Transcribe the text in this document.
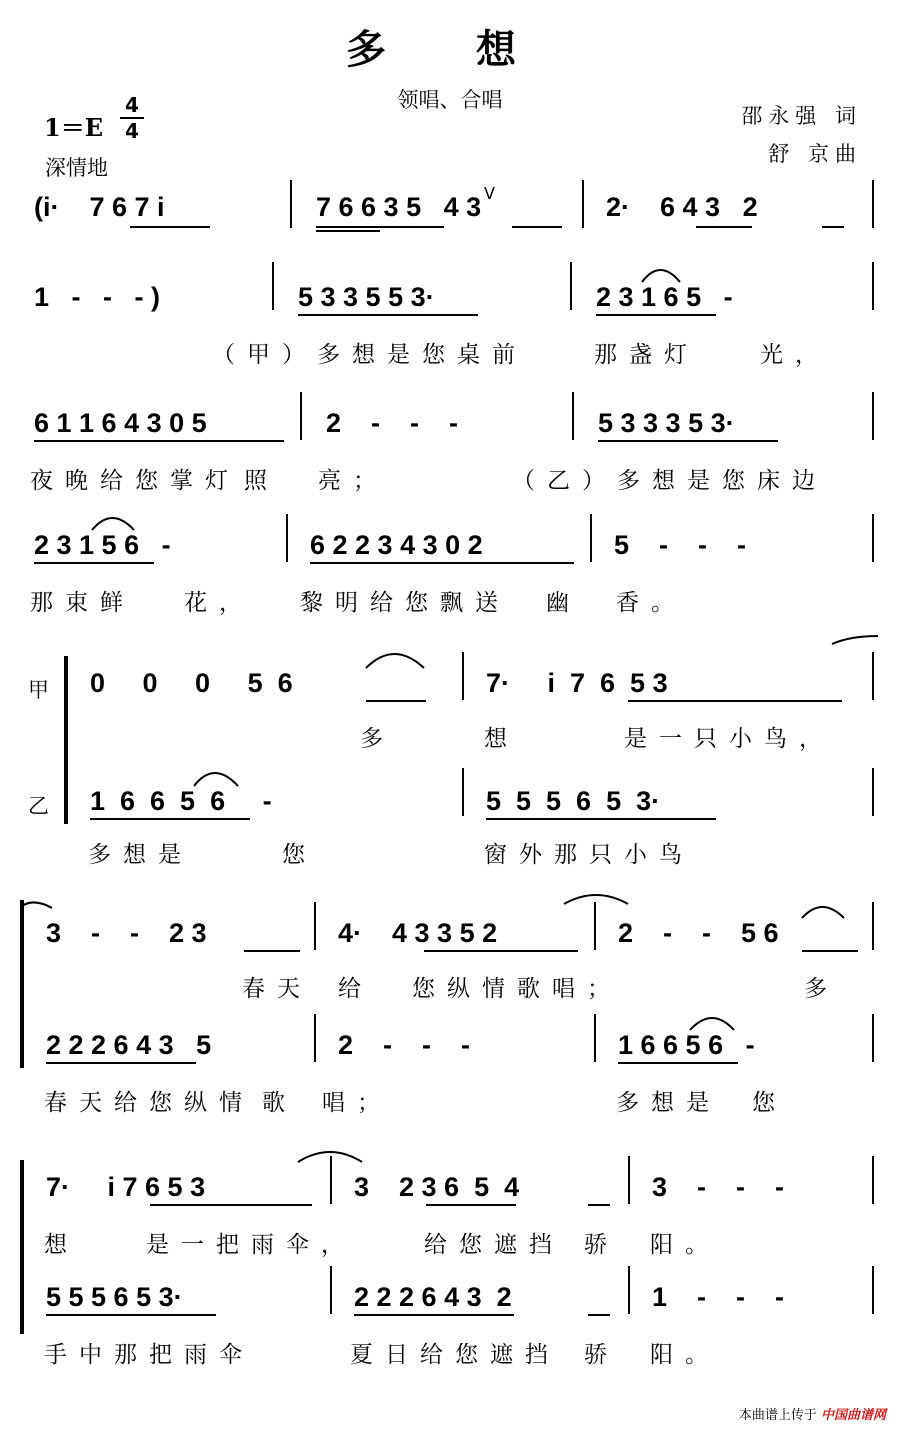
多 想
领唱、合唱
邵永强 词
舒 京曲
1＝E
4
4
深情地
(i·    7 6 7 i	7 6 6 3 5   4 3	2·    6 4 3   2
ᐯ
1   -   -   - )	5 3 3 5 5 3·	2 3 1 6 5   -
（甲）多想是您桌前	那盏灯	光，
6 1 1 6 4 3 0 5	2    -    -    -	5 3 3 3 5 3·
夜晚给您掌灯 照 亮；	（乙）多想是您床边
2 3 1 5 6   -	6 2 2 3 4 3 0 2	5    -    -    -
那束鲜 花， 黎明给您飘送 幽 香。
甲
乙
0     0     0     5  6	7·     i  7  6  5 3
多	想	是一只小鸟，
1  6  6  5  6     -	5  5  5  6  5  3·
多想是	您	窗外那只小鸟
3    -    -    2 3	4·    4 3 3 5 2	2    -    -    5 6
春天 给 您纵情歌唱；	多
2 2 2 6 4 3   5	2    -    -    -	1 6 6 5 6   -
春天给您纵情 歌 唱；	多想是 您
7·     i 7 6 5 3	3    2 3 6  5  4	3    -    -    -
想	是一把雨伞，	给您遮挡 骄 阳。
5 5 5 6 5 3·	2 2 2 6 4 3  2	1    -    -    -
手中那把雨伞	夏日给您遮挡 骄 阳。
本曲谱上传于 中国曲谱网
